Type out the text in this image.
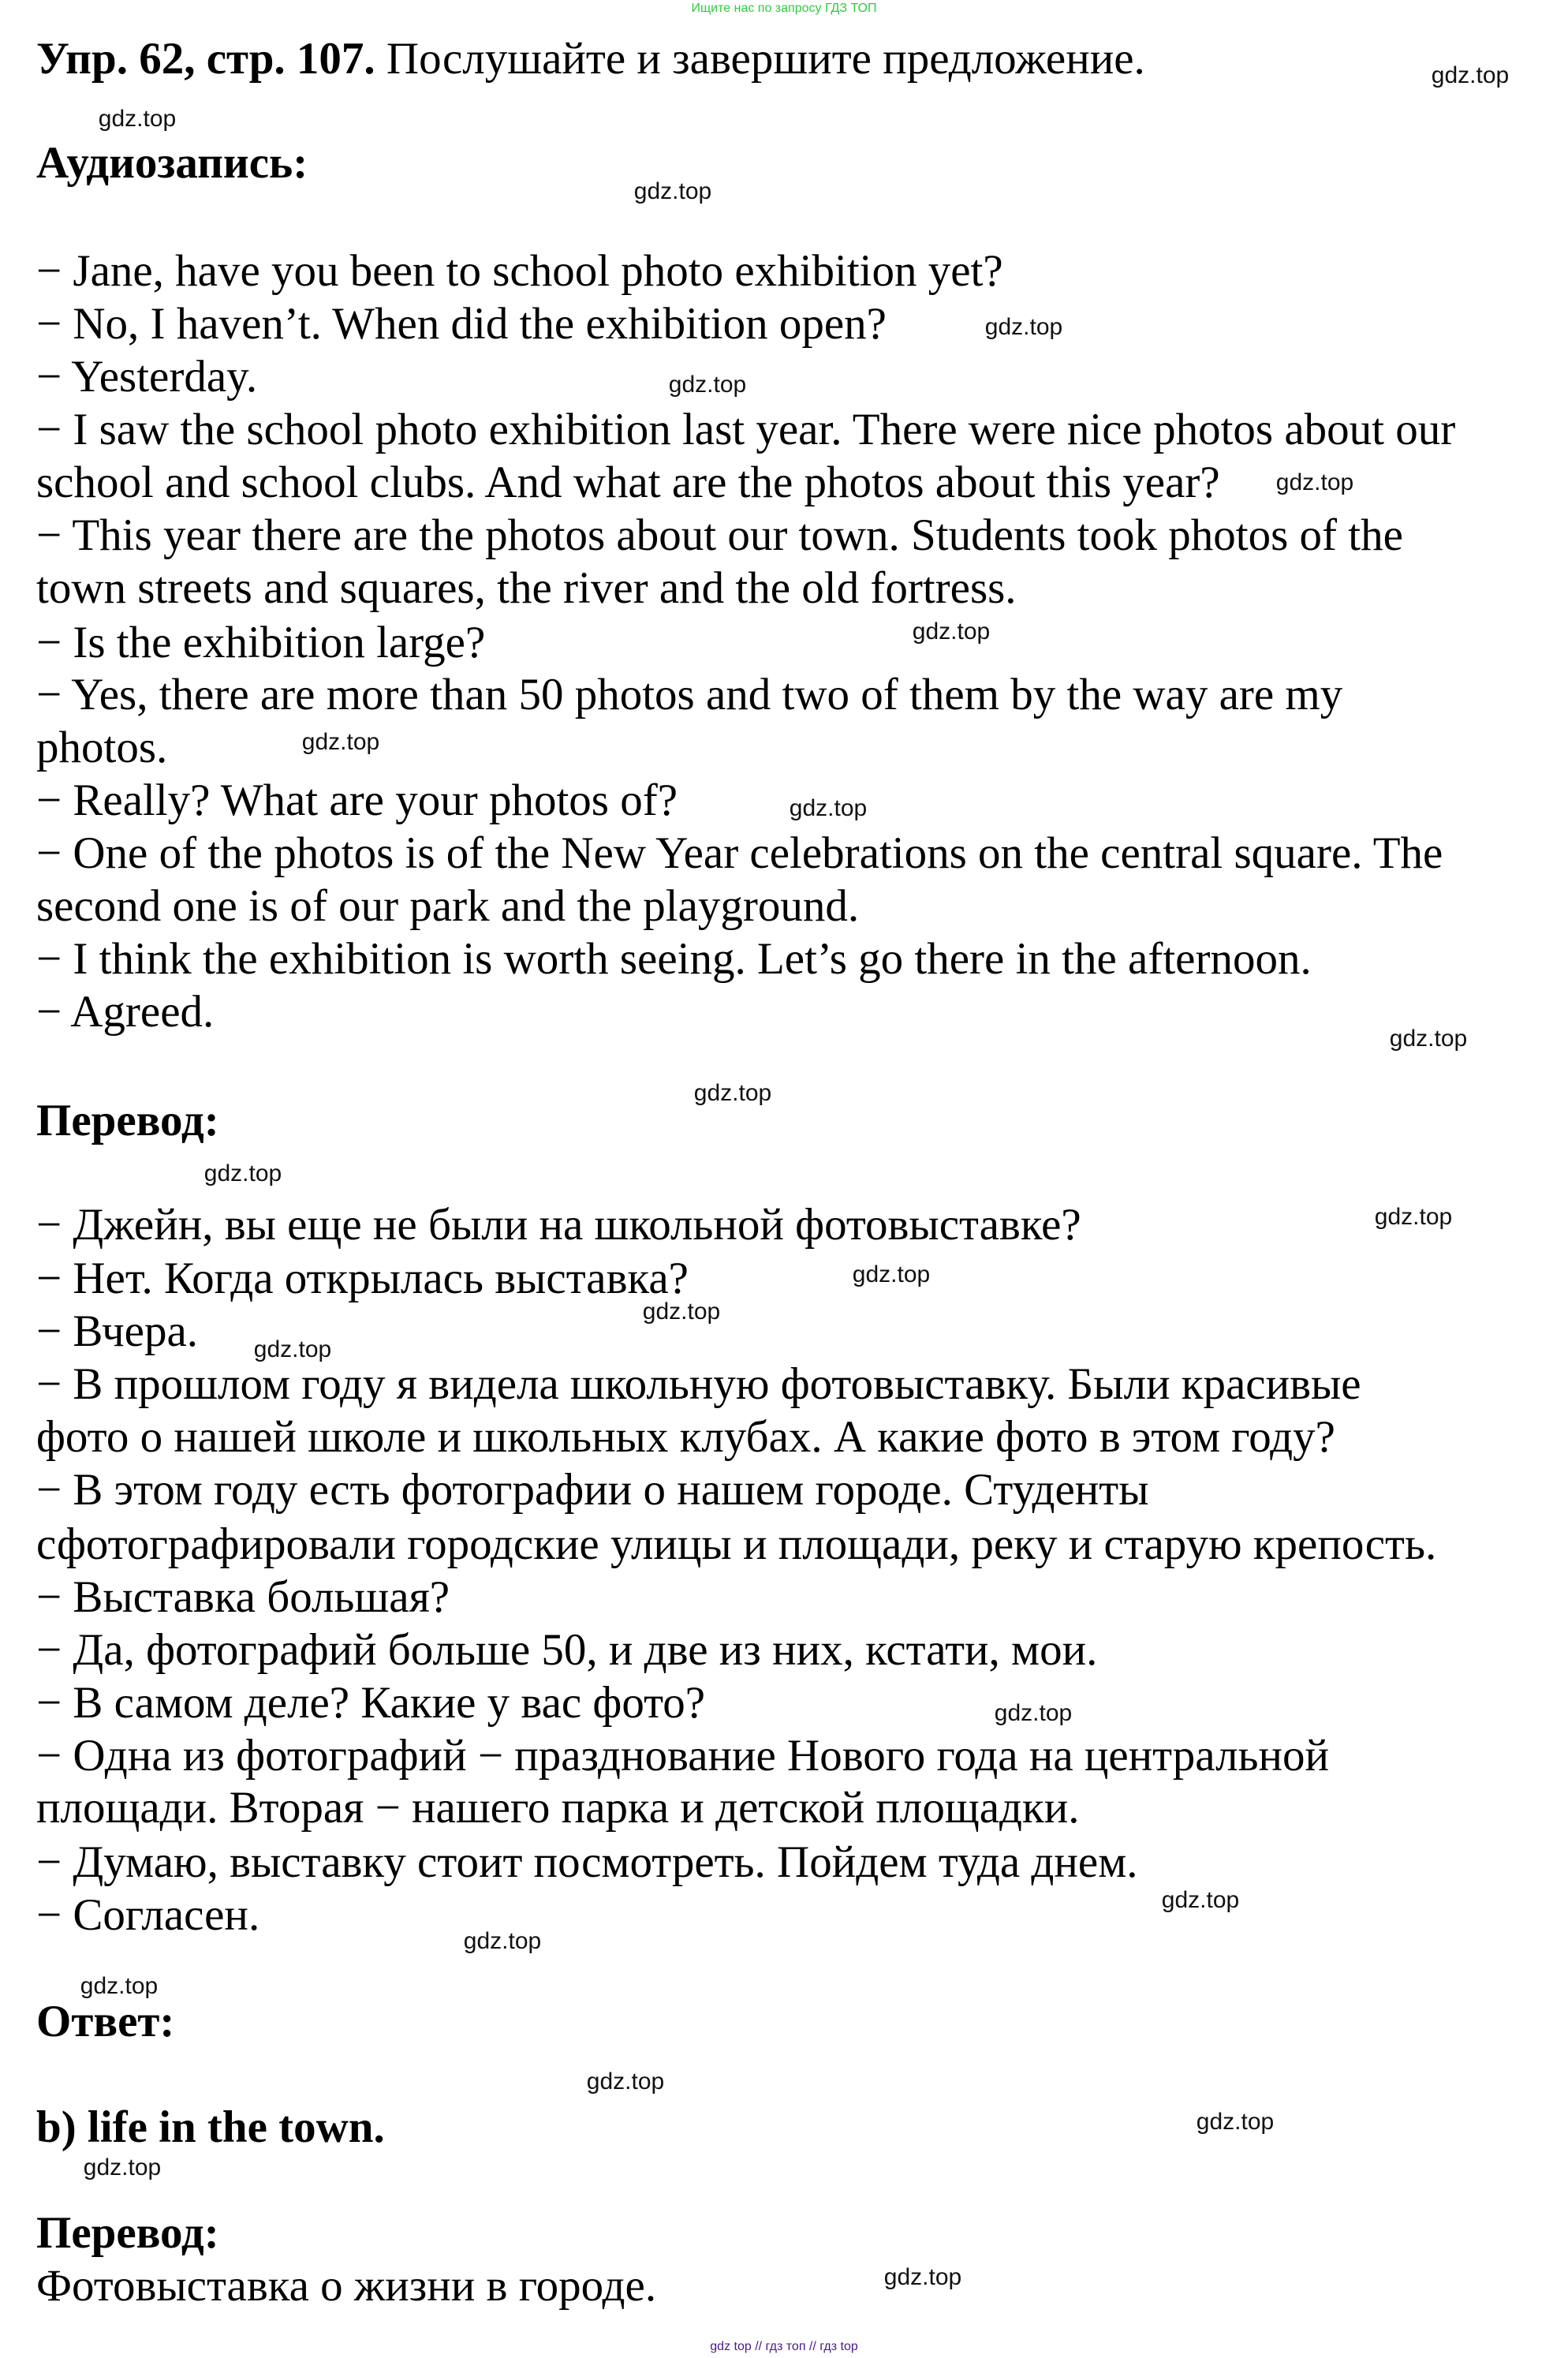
Ищите нас по запросу ГДЗ ТОП
Упр. 62, стр. 107. Послушайте и завершите предложение.
Аудиозапись:
− Jane, have you been to school photo exhibition yet?
− No, I haven’t. When did the exhibition open?
− Yesterday.
− I saw the school photo exhibition last year. There were nice photos about our
school and school clubs. And what are the photos about this year?
− This year there are the photos about our town. Students took photos of the
town streets and squares, the river and the old fortress.
− Is the exhibition large?
− Yes, there are more than 50 photos and two of them by the way are my
photos.
− Really? What are your photos of?
− One of the photos is of the New Year celebrations on the central square. The
second one is of our park and the playground.
− I think the exhibition is worth seeing. Let’s go there in the afternoon.
− Agreed.
Перевод:
− Джейн, вы еще не были на школьной фотовыставке?
− Нет. Когда открылась выставка?
− Вчера.
− В прошлом году я видела школьную фотовыставку. Были красивые
фото о нашей школе и школьных клубах. А какие фото в этом году?
− В этом году есть фотографии о нашем городе. Студенты
сфотографировали городские улицы и площади, реку и старую крепость.
− Выставка большая?
− Да, фотографий больше 50, и две из них, кстати, мои.
− В самом деле? Какие у вас фото?
− Одна из фотографий − празднование Нового года на центральной
площади. Вторая − нашего парка и детской площадки.
− Думаю, выставку стоит посмотреть. Пойдем туда днем.
− Согласен.
Ответ:
b) life in the town.
Перевод:
Фотовыставка о жизни в городе.
gdz.top
gdz.top
gdz.top
gdz.top
gdz.top
gdz.top
gdz.top
gdz.top
gdz.top
gdz.top
gdz.top
gdz.top
gdz.top
gdz.top
gdz.top
gdz.top
gdz.top
gdz.top
gdz.top
gdz.top
gdz.top
gdz.top
gdz.top
gdz.top
gdz top // гдз топ // гдз top
